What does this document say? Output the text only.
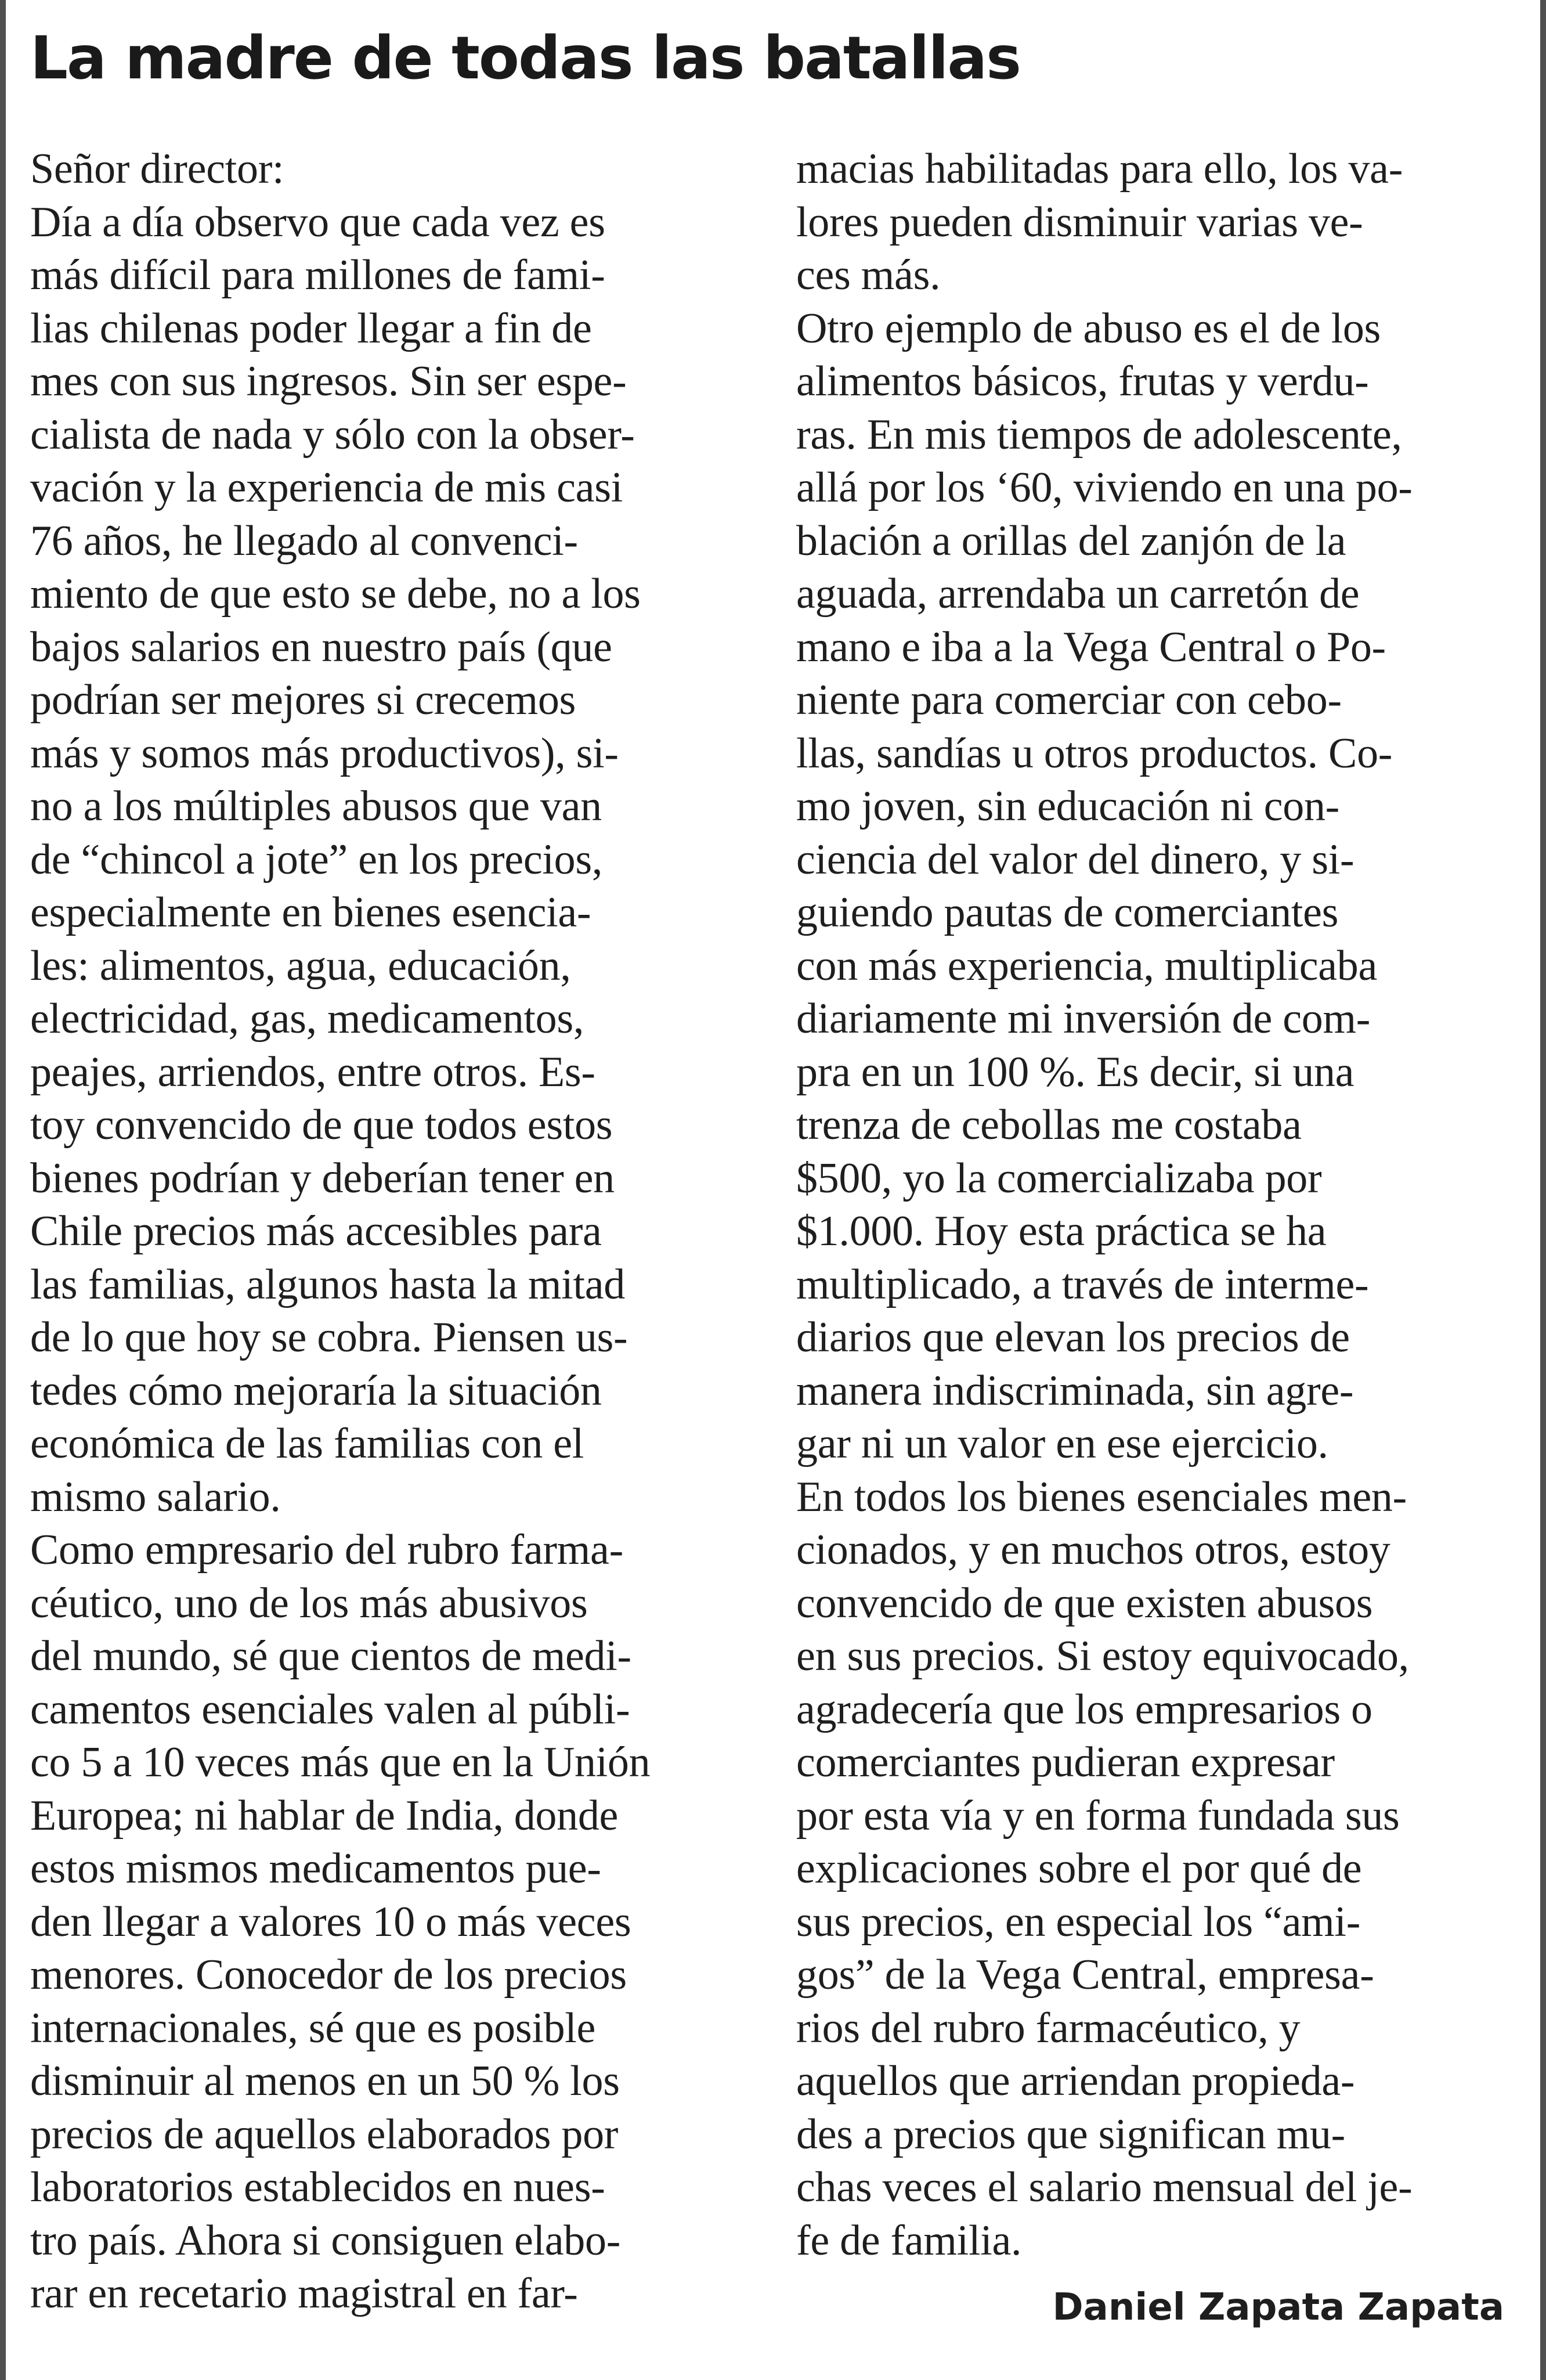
La madre de todas las batallas
Señor director:
Día a día observo que cada vez es
más difícil para millones de fami-
lias chilenas poder llegar a fin de
mes con sus ingresos. Sin ser espe-
cialista de nada y sólo con la obser-
vación y la experiencia de mis casi
76 años, he llegado al convenci-
miento de que esto se debe, no a los
bajos salarios en nuestro país (que
podrían ser mejores si crecemos
más y somos más productivos), si-
no a los múltiples abusos que van
de “chincol a jote” en los precios,
especialmente en bienes esencia-
les: alimentos, agua, educación,
electricidad, gas, medicamentos,
peajes, arriendos, entre otros. Es-
toy convencido de que todos estos
bienes podrían y deberían tener en
Chile precios más accesibles para
las familias, algunos hasta la mitad
de lo que hoy se cobra. Piensen us-
tedes cómo mejoraría la situación
económica de las familias con el
mismo salario.
Como empresario del rubro farma-
céutico, uno de los más abusivos
del mundo, sé que cientos de medi-
camentos esenciales valen al públi-
co 5 a 10 veces más que en la Unión
Europea; ni hablar de India, donde
estos mismos medicamentos pue-
den llegar a valores 10 o más veces
menores. Conocedor de los precios
internacionales, sé que es posible
disminuir al menos en un 50 % los
precios de aquellos elaborados por
laboratorios establecidos en nues-
tro país. Ahora si consiguen elabo-
rar en recetario magistral en far-
macias habilitadas para ello, los va-
lores pueden disminuir varias ve-
ces más.
Otro ejemplo de abuso es el de los
alimentos básicos, frutas y verdu-
ras. En mis tiempos de adolescente,
allá por los ‘60, viviendo en una po-
blación a orillas del zanjón de la
aguada, arrendaba un carretón de
mano e iba a la Vega Central o Po-
niente para comerciar con cebo-
llas, sandías u otros productos. Co-
mo joven, sin educación ni con-
ciencia del valor del dinero, y si-
guiendo pautas de comerciantes
con más experiencia, multiplicaba
diariamente mi inversión de com-
pra en un 100 %. Es decir, si una
trenza de cebollas me costaba
$500, yo la comercializaba por
$1.000. Hoy esta práctica se ha
multiplicado, a través de interme-
diarios que elevan los precios de
manera indiscriminada, sin agre-
gar ni un valor en ese ejercicio.
En todos los bienes esenciales men-
cionados, y en muchos otros, estoy
convencido de que existen abusos
en sus precios. Si estoy equivocado,
agradecería que los empresarios o
comerciantes pudieran expresar
por esta vía y en forma fundada sus
explicaciones sobre el por qué de
sus precios, en especial los “ami-
gos” de la Vega Central, empresa-
rios del rubro farmacéutico, y
aquellos que arriendan propieda-
des a precios que significan mu-
chas veces el salario mensual del je-
fe de familia.
Daniel Zapata Zapata
